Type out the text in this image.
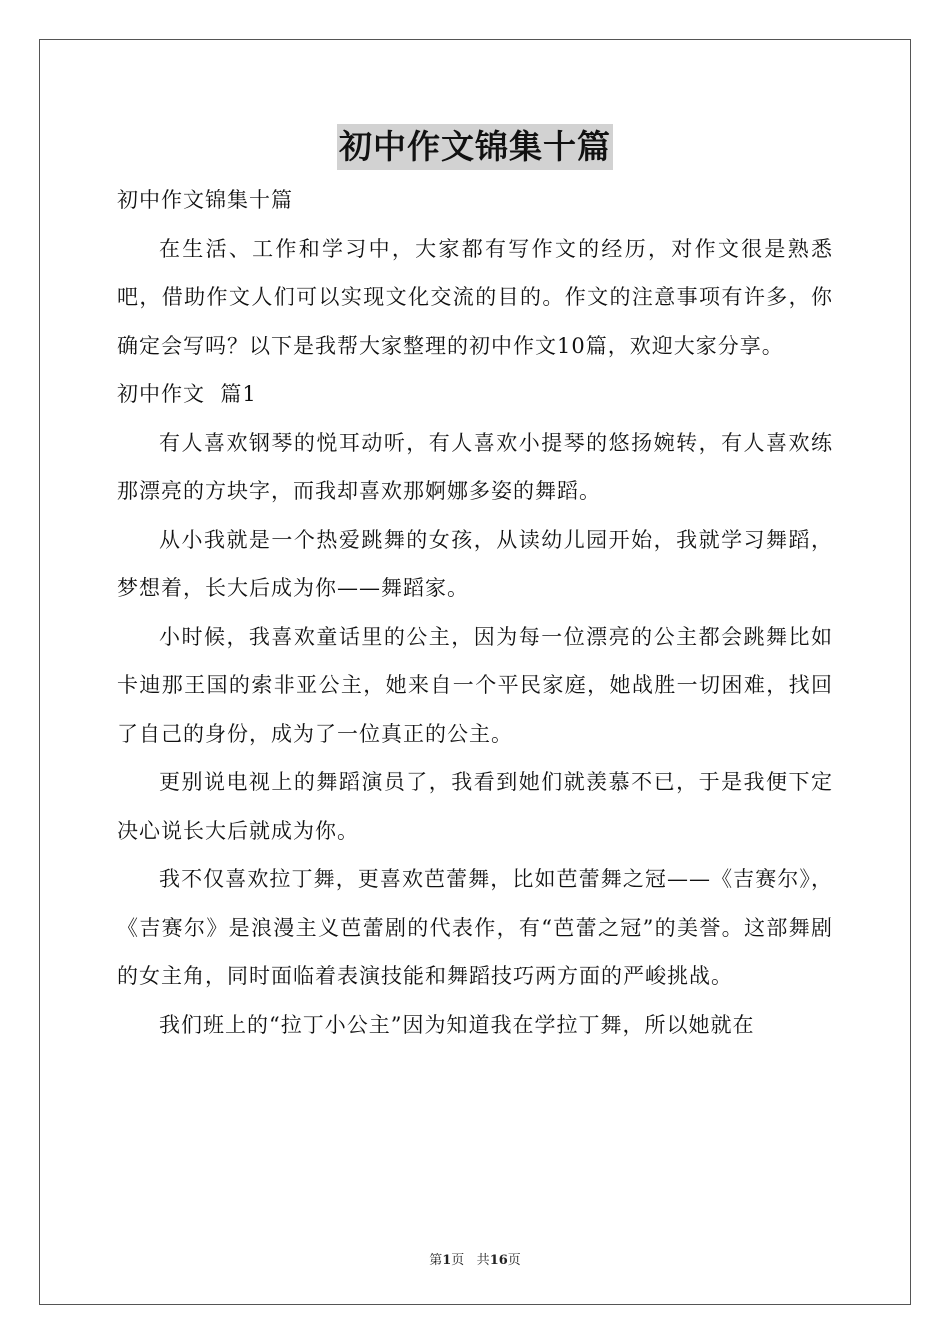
初中作文锦集十篇

初中作文锦集十篇

在生活、工作和学习中，大家都有写作文的经历，对作文很是熟悉吧，借助作文人们可以实现文化交流的目的。作文的注意事项有许多，你确定会写吗？以下是我帮大家整理的初中作文10篇，欢迎大家分享。

初中作文  篇1

有人喜欢钢琴的悦耳动听，有人喜欢小提琴的悠扬婉转，有人喜欢练那漂亮的方块字，而我却喜欢那婀娜多姿的舞蹈。

从小我就是一个热爱跳舞的女孩，从读幼儿园开始，我就学习舞蹈，梦想着，长大后成为你——舞蹈家。

小时候，我喜欢童话里的公主，因为每一位漂亮的公主都会跳舞比如卡迪那王国的索非亚公主，她来自一个平民家庭，她战胜一切困难，找回了自己的身份，成为了一位真正的公主。

更别说电视上的舞蹈演员了，我看到她们就羡慕不已，于是我便下定决心说长大后就成为你。

我不仅喜欢拉丁舞，更喜欢芭蕾舞，比如芭蕾舞之冠——《吉赛尔》，《吉赛尔》是浪漫主义芭蕾剧的代表作，有“芭蕾之冠”的美誉。这部舞剧的女主角，同时面临着表演技能和舞蹈技巧两方面的严峻挑战。

我们班上的“拉丁小公主”因为知道我在学拉丁舞，所以她就在

第1页 共16页
